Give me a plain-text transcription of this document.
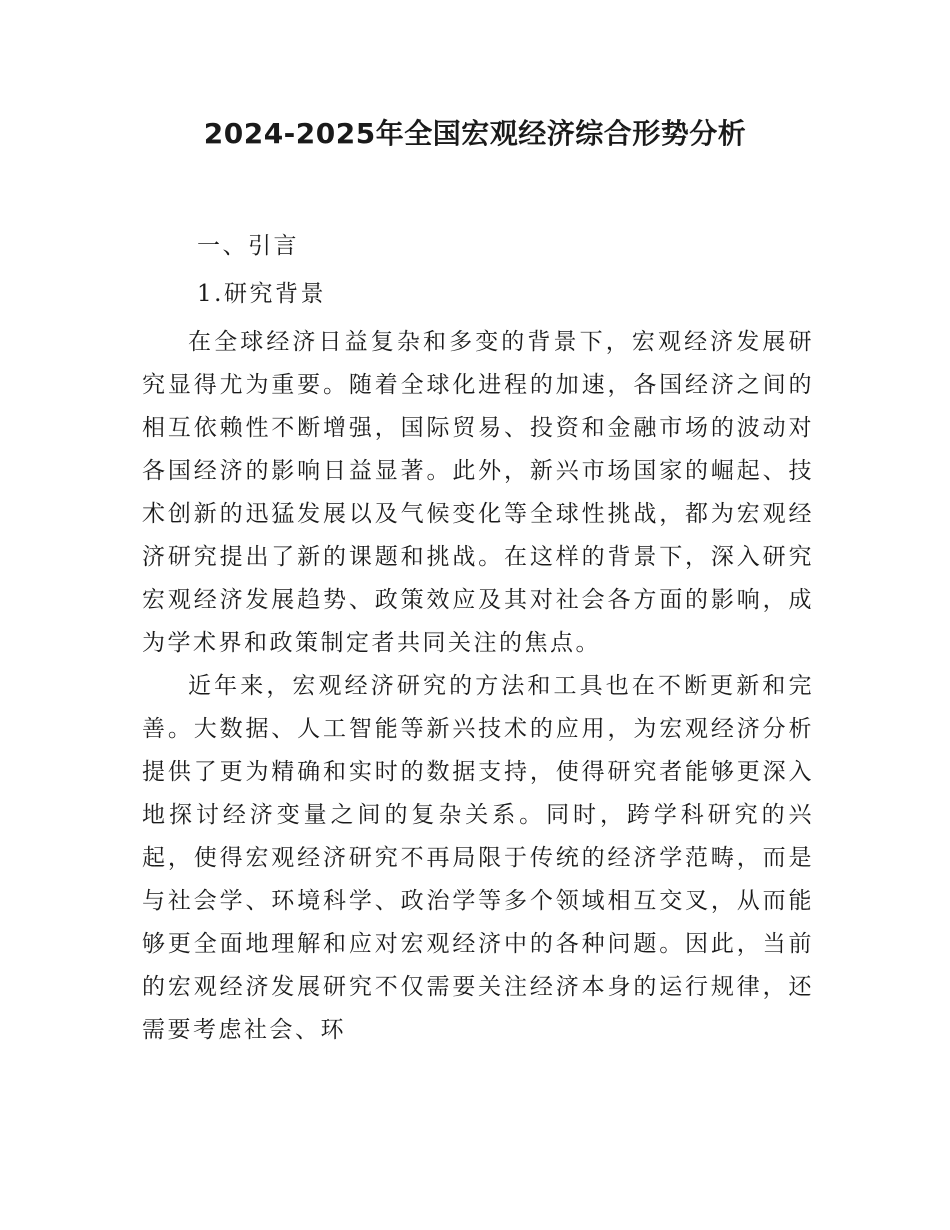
2024-2025年全国宏观经济综合形势分析
一、引言
1.研究背景

在全球经济日益复杂和多变的背景下，宏观经济发展研究显得尤为重要。随着全球化进程的加速，各国经济之间的相互依赖性不断增强，国际贸易、投资和金融市场的波动对各国经济的影响日益显著。此外，新兴市场国家的崛起、技术创新的迅猛发展以及气候变化等全球性挑战，都为宏观经济研究提出了新的课题和挑战。在这样的背景下，深入研究宏观经济发展趋势、政策效应及其对社会各方面的影响，成为学术界和政策制定者共同关注的焦点。

近年来，宏观经济研究的方法和工具也在不断更新和完善。大数据、人工智能等新兴技术的应用，为宏观经济分析提供了更为精确和实时的数据支持，使得研究者能够更深入地探讨经济变量之间的复杂关系。同时，跨学科研究的兴起，使得宏观经济研究不再局限于传统的经济学范畴，而是与社会学、环境科学、政治学等多个领域相互交叉，从而能够更全面地理解和应对宏观经济中的各种问题。因此，当前的宏观经济发展研究不仅需要关注经济本身的运行规律，还需要考虑社会、环
